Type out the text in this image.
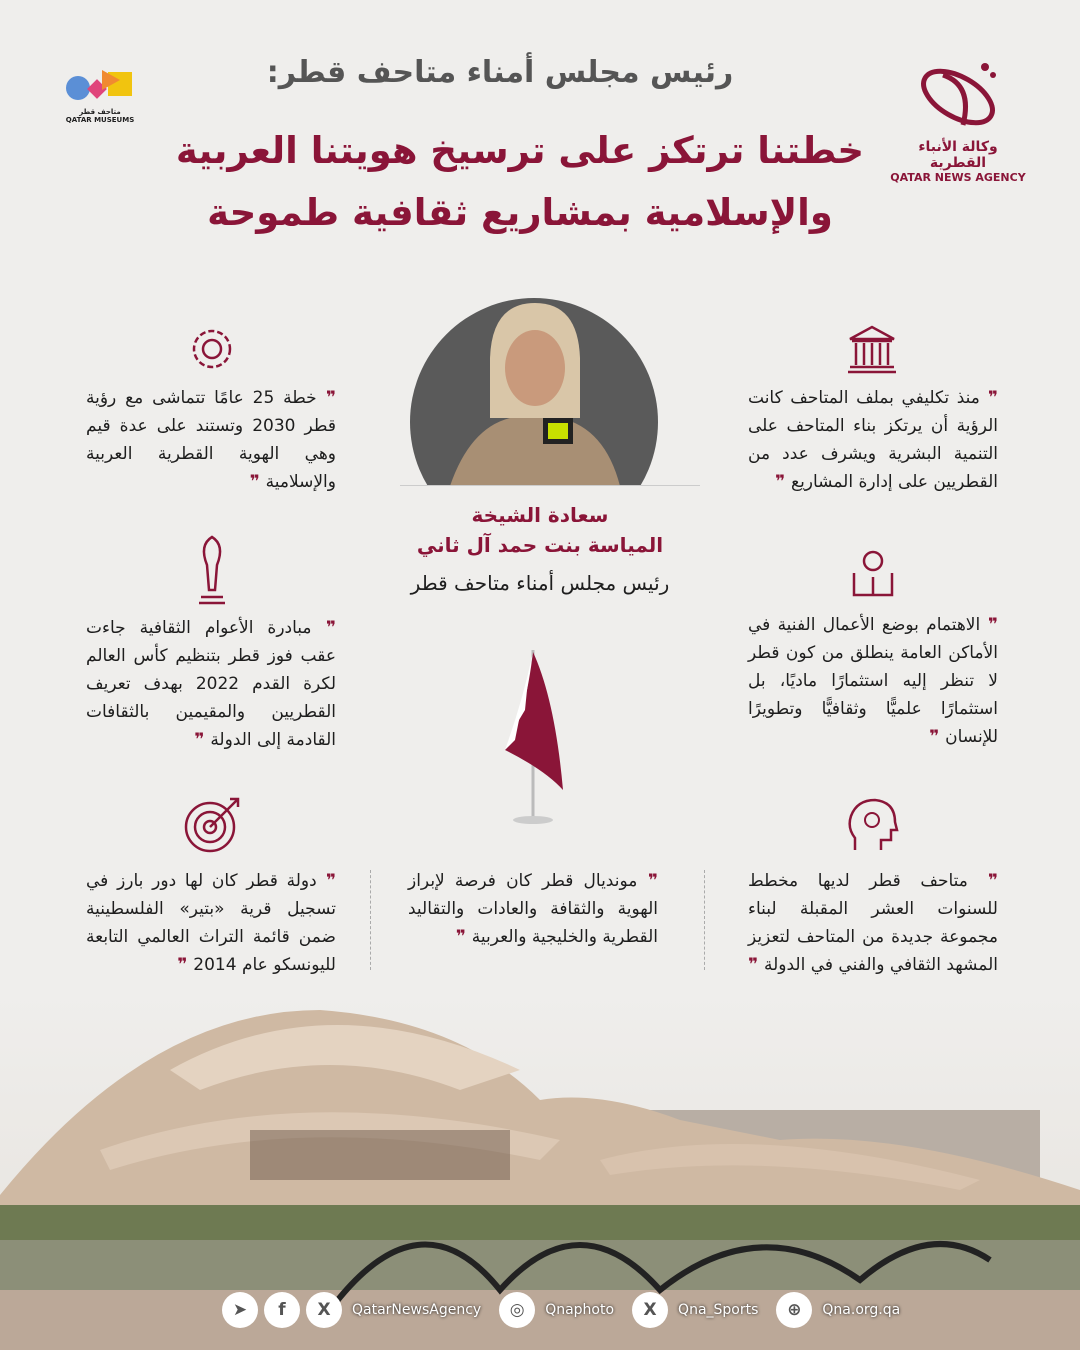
متاحف قطر
QATAR MUSEUMS
وكالة الأنباء القطرية
QATAR NEWS AGENCY
رئيس مجلس أمناء متاحف قطر:
خطتنا ترتكز على ترسيخ هويتنا العربية
والإسلامية بمشاريع ثقافية طموحة
سعادة الشيخة
المياسة بنت حمد آل ثاني
رئيس مجلس أمناء متاحف قطر
❞ منذ تكليفي بملف المتاحف كانت الرؤية أن يرتكز بناء المتاحف على التنمية البشرية ويشرف عدد من القطريين على إدارة المشاريع ❞
❞ خطة 25 عامًا تتماشى مع رؤية قطر 2030 وتستند على عدة قيم وهي الهوية القطرية العربية والإسلامية ❞
❞ الاهتمام بوضع الأعمال الفنية في الأماكن العامة ينطلق من كون قطر لا تنظر إليه استثمارًا ماديًا، بل استثمارًا علميًّا وثقافيًّا وتطويرًا للإنسان ❞
❞ مبادرة الأعوام الثقافية جاءت عقب فوز قطر بتنظيم كأس العالم لكرة القدم 2022 بهدف تعريف القطريين والمقيمين بالثقافات القادمة إلى الدولة ❞
❞ متاحف قطر لديها مخطط للسنوات العشر المقبلة لبناء مجموعة جديدة من المتاحف لتعزيز المشهد الثقافي والفني في الدولة ❞
❞ مونديال قطر كان فرصة لإبراز الهوية والثقافة والعادات والتقاليد القطرية والخليجية والعربية ❞
❞ دولة قطر كان لها دور بارز في تسجيل قرية «بتير» الفلسطينية ضمن قائمة التراث العالمي التابعة لليونسكو عام 2014 ❞
➤	f	X	QatarNewsAgency	◎	Qnaphoto	X	Qna_Sports	⊕	Qna.org.qa
